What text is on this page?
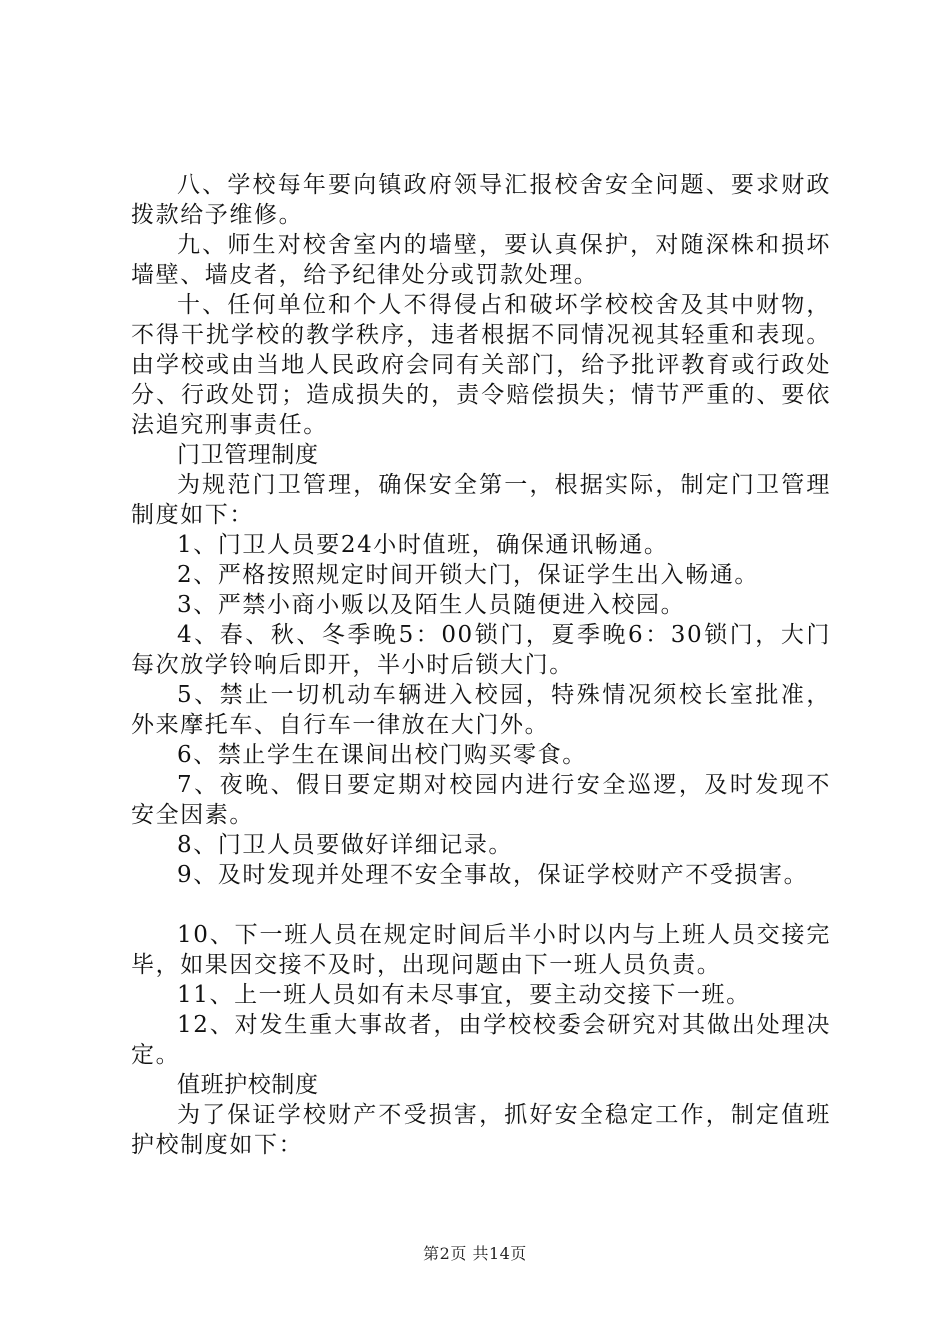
八、学校每年要向镇政府领导汇报校舍安全问题、要求财政拨款给予维修。

九、师生对校舍室内的墙壁，要认真保护，对随深株和损坏墙壁、墙皮者，给予纪律处分或罚款处理。

十、任何单位和个人不得侵占和破坏学校校舍及其中财物，不得干扰学校的教学秩序，违者根据不同情况视其轻重和表现。由学校或由当地人民政府会同有关部门，给予批评教育或行政处分、行政处罚；造成损失的，责令赔偿损失；情节严重的、要依法追究刑事责任。

门卫管理制度

为规范门卫管理，确保安全第一，根据实际，制定门卫管理制度如下：

1、门卫人员要24小时值班，确保通讯畅通。

2、严格按照规定时间开锁大门，保证学生出入畅通。

3、严禁小商小贩以及陌生人员随便进入校园。

4、春、秋、冬季晚5：00锁门，夏季晚6：30锁门，大门每次放学铃响后即开，半小时后锁大门。

5、禁止一切机动车辆进入校园，特殊情况须校长室批准，外来摩托车、自行车一律放在大门外。

6、禁止学生在课间出校门购买零食。

7、夜晚、假日要定期对校园内进行安全巡逻，及时发现不安全因素。

8、门卫人员要做好详细记录。

9、及时发现并处理不安全事故，保证学校财产不受损害。

10、下一班人员在规定时间后半小时以内与上班人员交接完毕，如果因交接不及时，出现问题由下一班人员负责。

11、上一班人员如有未尽事宜，要主动交接下一班。

12、对发生重大事故者，由学校校委会研究对其做出处理决定。

值班护校制度

为了保证学校财产不受损害，抓好安全稳定工作，制定值班护校制度如下：

第2页 共14页
